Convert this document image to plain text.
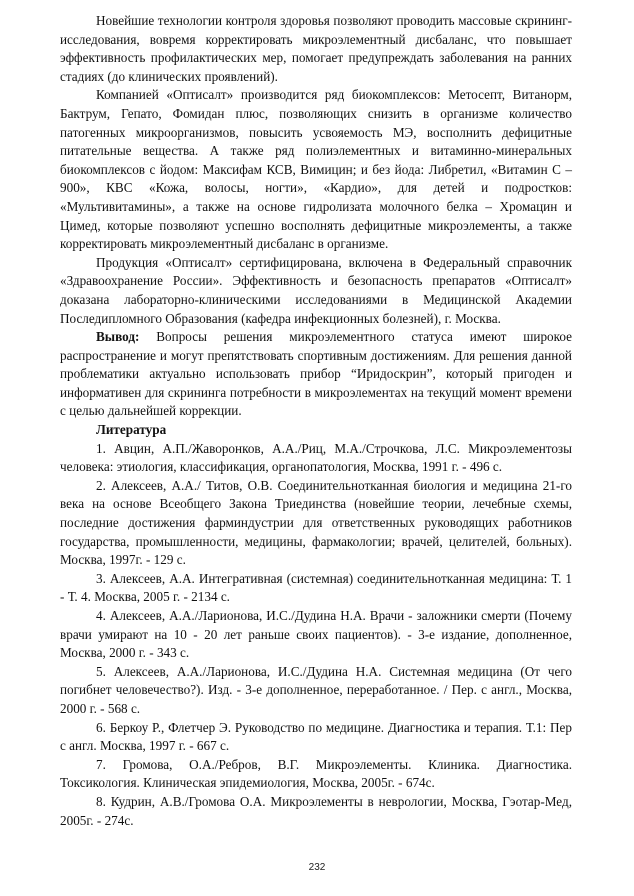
Новейшие технологии контроля здоровья позволяют проводить массовые скрининг-исследования, вовремя корректировать микроэлементный дисбаланс, что повышает эффективность профилактических мер, помогает предупреждать заболевания на ранних стадиях (до клинических проявлений).

Компанией «Оптисалт» производится ряд биокомплексов: Метосепт, Витанорм, Бактрум, Гепато, Фомидан плюс, позволяющих снизить в организме количество патогенных микроорганизмов, повысить усвояемость МЭ, восполнить дефицитные питательные вещества. А также ряд полиэлементных и витаминно-минеральных биокомплексов с йодом: Максифам КСВ, Вимицин; и без йода: Либретил, «Витамин С – 900», КВС «Кожа, волосы, ногти», «Кардио», для детей и подростков: «Мультивитамины», а также на основе гидролизата молочного белка – Хромацин и Цимед, которые позволяют успешно восполнять дефицитные микроэлементы, а также корректировать микроэлементный дисбаланс в организме.

Продукция «Оптисалт» сертифицирована, включена в Федеральный справочник «Здравоохранение России». Эффективность и безопасность препаратов «Оптисалт» доказана лабораторно-клиническими исследованиями в Медицинской Академии Последипломного Образования (кафедра инфекционных болезней), г. Москва.

Вывод: Вопросы решения микроэлементного статуса имеют широкое распространение и могут препятствовать спортивным достижениям. Для решения данной проблематики актуально использовать прибор “Иридоскрин”, который пригоден и информативен для скрининга потребности в микроэлементах на текущий момент времени с целью дальнейшей коррекции.

Литература

1. Авцин, А.П./Жаворонков, А.А./Риц, М.А./Строчкова, Л.С. Микроэлементозы человека: этиология, классификация, органопатология, Москва, 1991 г. - 496 с.

2. Алексеев, А.А./ Титов, О.В. Соединительнотканная биология и медицина 21-го века на основе Всеобщего Закона Триединства (новейшие теории, лечебные схемы, последние достижения фарминдустрии для ответственных руководящих работников государства, промышленности, медицины, фармакологии; врачей, целителей, больных). Москва, 1997г. - 129 с.

3. Алексеев, А.А. Интегративная (системная) соединительнотканная медицина: Т. 1 - Т. 4. Москва, 2005 г. - 2134 с.

4. Алексеев, А.А./Ларионова, И.С./Дудина Н.А. Врачи - заложники смерти (Почему врачи умирают на 10 - 20 лет раньше своих пациентов). - 3-е издание, дополненное, Москва, 2000 г. - 343 с.

5. Алексеев, А.А./Ларионова, И.С./Дудина Н.А. Системная медицина (От чего погибнет человечество?). Изд. - 3-е дополненное, переработанное. / Пер. с англ., Москва, 2000 г. - 568 с.

6. Беркоу Р., Флетчер Э. Руководство по медицине. Диагностика и терапия. Т.1: Пер с англ. Москва, 1997 г. - 667 с.

7. Громова, О.А./Ребров, В.Г. Микроэлементы. Клиника. Диагностика. Токсикология. Клиническая эпидемиология, Москва, 2005г. - 674с.

8. Кудрин, А.В./Громова О.А. Микроэлементы в неврологии, Москва, Гэотар-Мед, 2005г. - 274с.

232
